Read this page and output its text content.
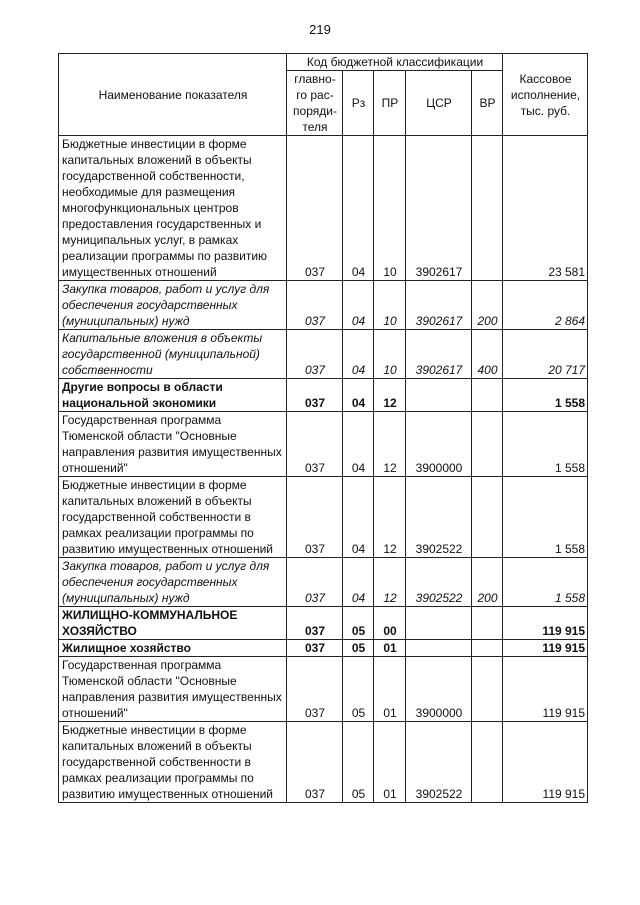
219
Наименование показателя	Код бюджетной классификации					Кассовое
исполнение,
тыс. руб.
	главно-
го рас-
поряди-
теля	Рз	ПР	ЦСР	ВР	
Бюджетные инвестиции в форме капитальных вложений в объекты государственной собственности, необходимые для размещения многофункциональных центров предоставления государственных и муниципальных услуг, в рамках реализации программы по развитию имущественных отношений	037	04	10	3902617		23 581
Закупка товаров, работ и услуг для обеспечения государственных (муниципальных) нужд	037	04	10	3902617	200	2 864
Капитальные вложения в объекты государственной (муниципальной) собственности	037	04	10	3902617	400	20 717
Другие вопросы в области национальной экономики	037	04	12			1 558
Государственная программа Тюменской области "Основные направления развития имущественных отношений"	037	04	12	3900000		1 558
Бюджетные инвестиции в форме капитальных вложений в объекты государственной собственности в рамках реализации программы по развитию имущественных отношений	037	04	12	3902522		1 558
Закупка товаров, работ и услуг для обеспечения государственных (муниципальных) нужд	037	04	12	3902522	200	1 558
ЖИЛИЩНО-КОММУНАЛЬНОЕ ХОЗЯЙСТВО	037	05	00			119 915
Жилищное хозяйство	037	05	01			119 915
Государственная программа Тюменской области "Основные направления развития имущественных отношений"	037	05	01	3900000		119 915
Бюджетные инвестиции в форме капитальных вложений в объекты государственной собственности в рамках реализации программы по развитию имущественных отношений	037	05	01	3902522		119 915
